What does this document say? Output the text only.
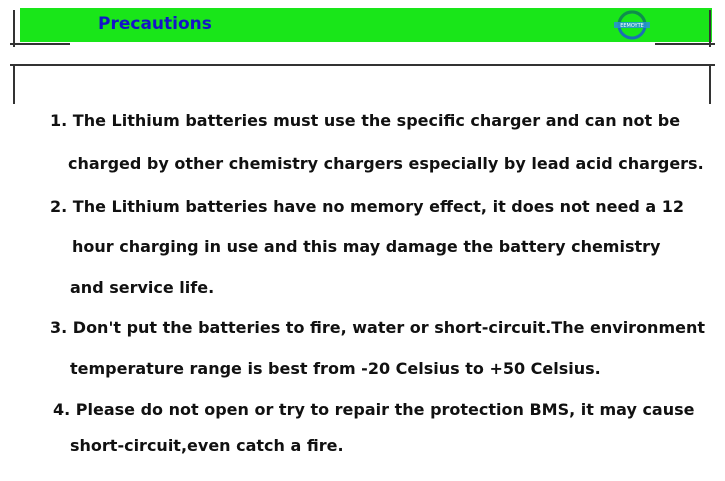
Precautions	EEMOYTE
1. The Lithium batteries must use the specific charger and can not be
charged by other chemistry chargers especially by lead acid chargers.
2. The Lithium batteries have no memory effect, it does not need a 12
hour charging in use and this may damage the battery chemistry
and service life.
3. Don't put the batteries to fire, water or short-circuit.The environment
temperature range is best from -20 Celsius to +50 Celsius.
4. Please do not open or try to repair the protection BMS, it may cause
short-circuit,even catch a fire.
